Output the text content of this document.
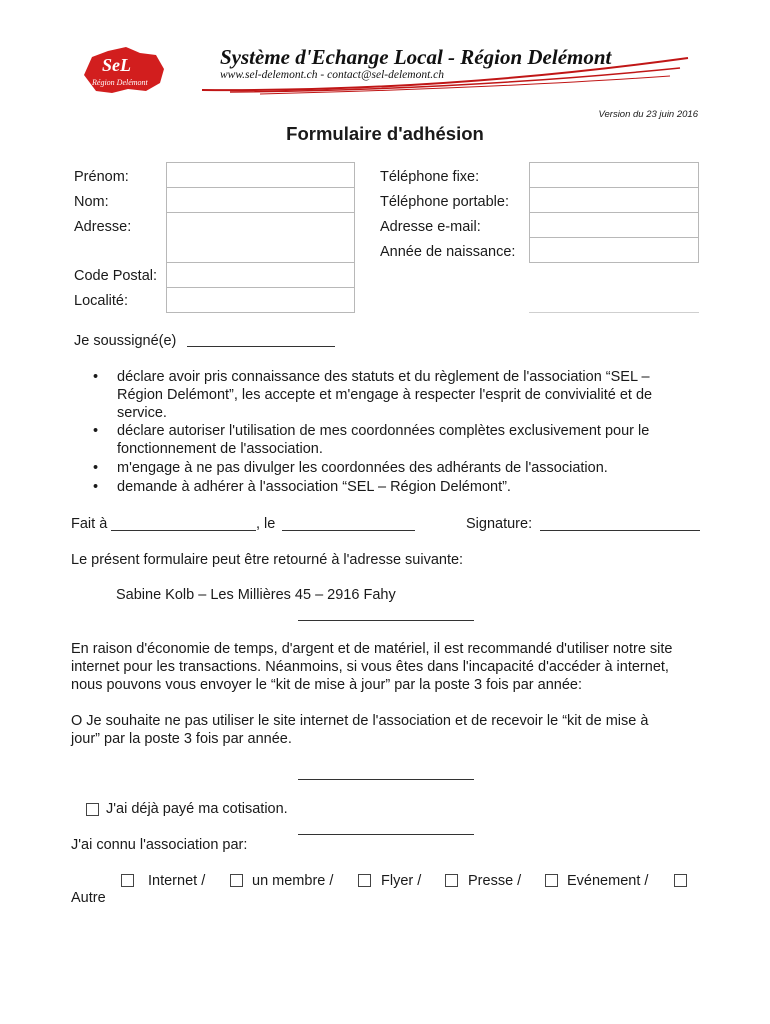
SeL
Région Delémont
Système d'Echange Local - Région Delémont
www.sel-delemont.ch - contact@sel-delemont.ch
Version du 23 juin 2016
Formulaire d'adhésion
Prénom:
Nom:
Adresse:
Code Postal:
Localité:
Téléphone fixe:
Téléphone portable:
Adresse e-mail:
Année de naissance:
Je soussigné(e)
• déclare avoir pris connaissance des statuts et du règlement de l'association “SEL –
Région Delémont”, les accepte et m'engage à respecter l'esprit de convivialité et de
service.
• déclare autoriser l'utilisation de mes coordonnées complètes exclusivement pour le
fonctionnement de l'association.
• m'engage à ne pas divulger les coordonnées des adhérants de l'association.
• demande à adhérer à l'association “SEL – Région Delémont”.
Fait à	, le	Signature:
Le présent formulaire peut être retourné à l'adresse suivante:
Sabine Kolb – Les Millières 45 – 2916 Fahy
En raison d'économie de temps, d'argent et de matériel, il est recommandé d'utiliser notre site
internet pour les transactions. Néanmoins, si vous êtes dans l'incapacité d'accéder à internet,
nous pouvons vous envoyer le “kit de mise à jour” par la poste 3 fois par année:
O Je souhaite ne pas utiliser le site internet de l'association et de recevoir le “kit de mise à
jour” par la poste 3 fois par année.
J'ai déjà payé ma cotisation.
J'ai connu l'association par:
Internet /	un membre /	Flyer /	Presse /	Evénement /
Autre
